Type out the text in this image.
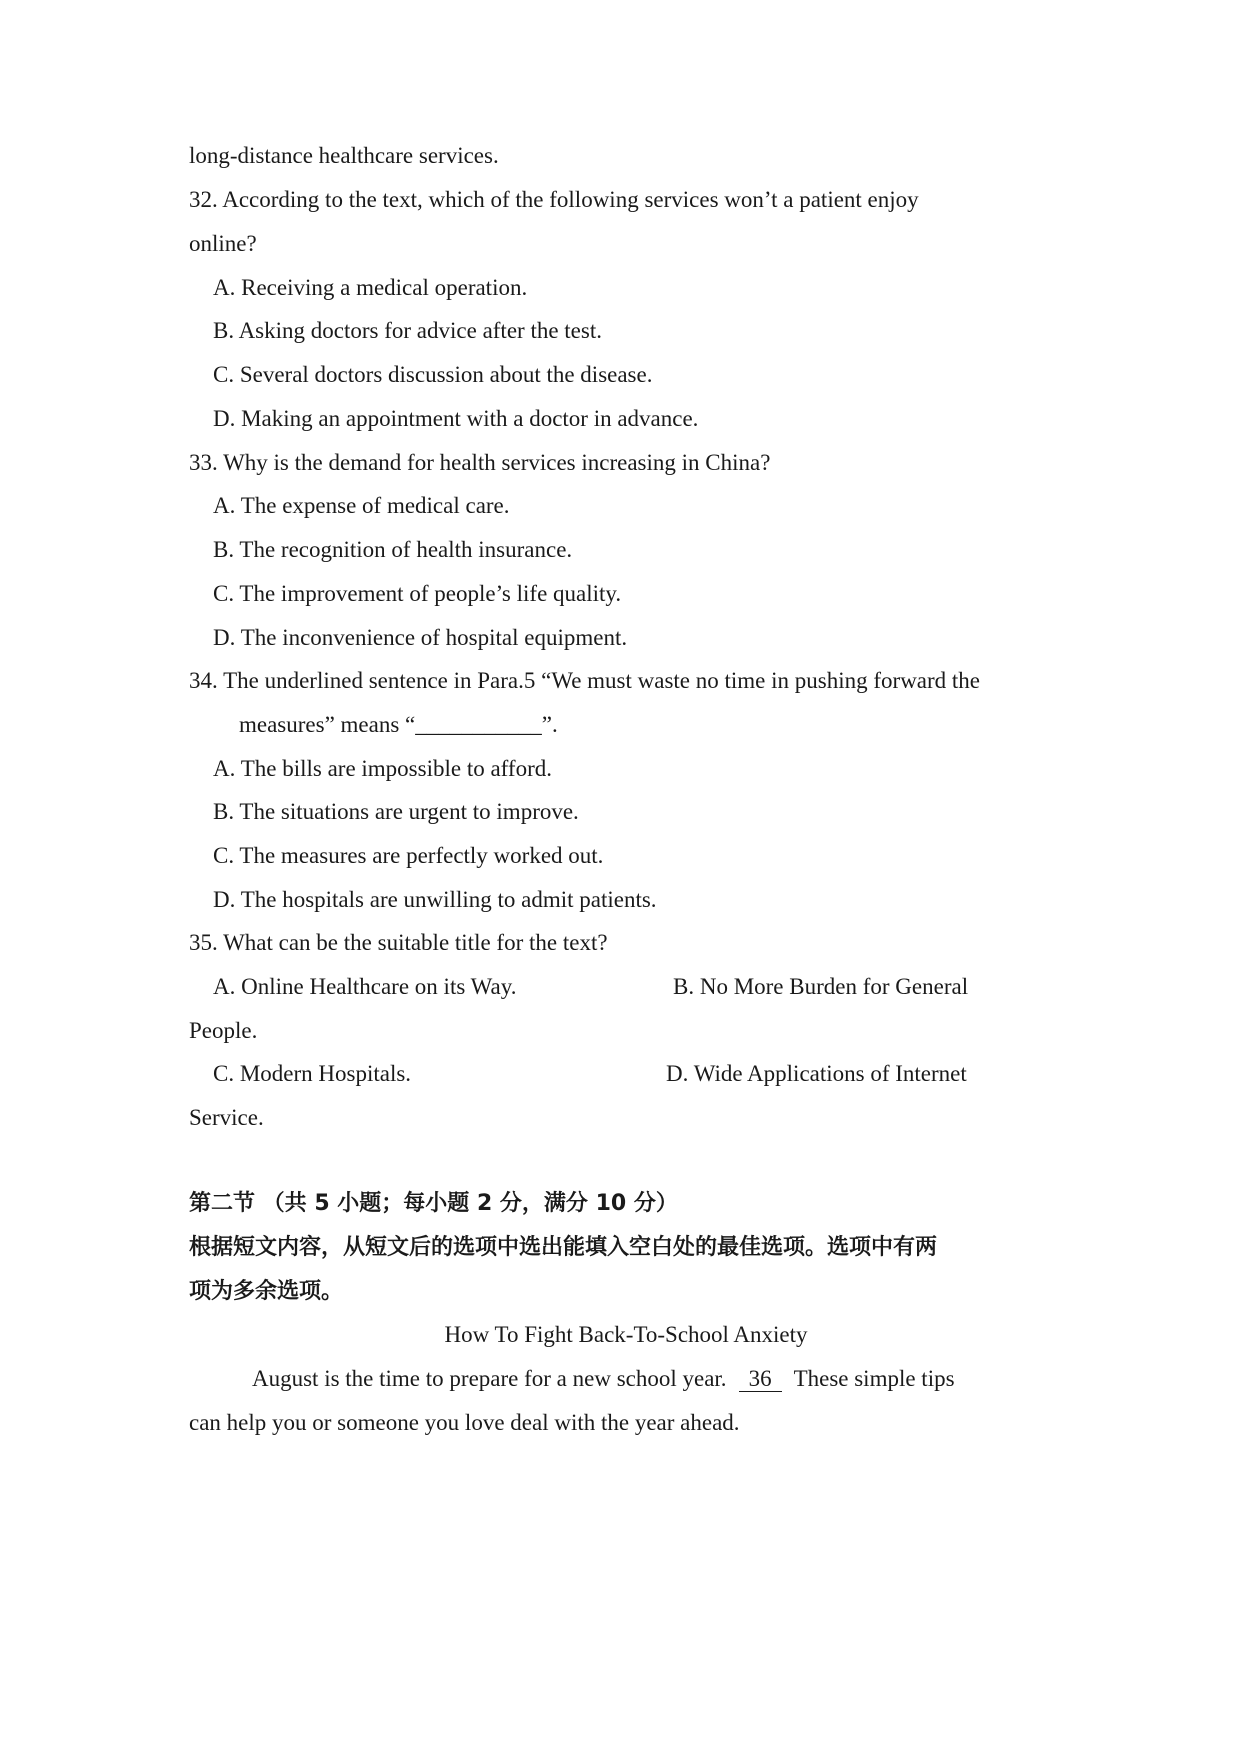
long-distance healthcare services.
32. According to the text, which of the following services won’t a patient enjoy
online?
A. Receiving a medical operation.
B. Asking doctors for advice after the test.
C. Several doctors discussion about the disease.
D. Making an appointment with a doctor in advance.
33. Why is the demand for health services increasing in China?
A. The expense of medical care.
B. The recognition of health insurance.
C. The improvement of people’s life quality.
D. The inconvenience of hospital equipment.
34. The underlined sentence in Para.5 “We must waste no time in pushing forward the
measures” means “___________”.
A. The bills are impossible to afford.
B. The situations are urgent to improve.
C. The measures are perfectly worked out.
D. The hospitals are unwilling to admit patients.
35. What can be the suitable title for the text?
A. Online Healthcare on its Way.	B. No More Burden for General
People.
C. Modern Hospitals.	D. Wide Applications of Internet
Service.
第二节 （共 5 小题；每小题 2 分，满分 10 分）
根据短文内容，从短文后的选项中选出能填入空白处的最佳选项。选项中有两
项为多余选项。
How To Fight Back-To-School Anxiety
August is the time to prepare for a new school year. 36 These simple tips
can help you or someone you love deal with the year ahead.
